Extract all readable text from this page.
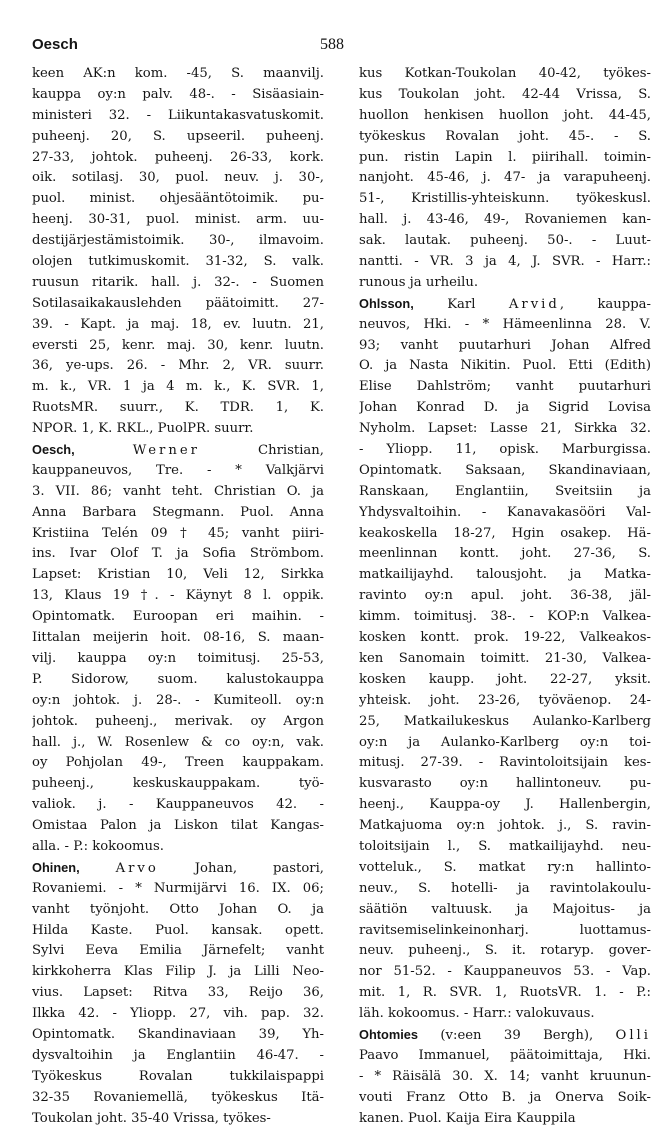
Oesch	588
keen AK:n kom. -45, S. maanvilj.
kauppa oy:n palv. 48-. - Sisäasiain-
ministeri 32. - Liikuntakasvatuskomit.
puheenj. 20, S. upseeril. puheenj.
27-33, johtok. puheenj. 26-33, kork.
oik. sotilasj. 30, puol. neuv. j. 30-,
puol. minist. ohjesääntötoimik. pu-
heenj. 30-31, puol. minist. arm. uu-
destijärjestämistoimik. 30-, ilmavoim.
olojen tutkimuskomit. 31-32, S. valk.
ruusun ritarik. hall. j. 32-. - Suomen
Sotilasaikakauslehden päätoimitt. 27-
39. - Kapt. ja maj. 18, ev. luutn. 21,
eversti 25, kenr. maj. 30, kenr. luutn.
36, ye-ups. 26. - Mhr. 2, VR. suurr.
m. k., VR. 1 ja 4 m. k., K. SVR. 1,
RuotsMR. suurr., K. TDR. 1, K.
NPOR. 1, K. RKL., PuolPR. suurr.
Oesch,	Werner Christian,
kauppaneuvos, Tre. - * Valkjärvi
3. VII. 86; vanht teht. Christian O. ja
Anna Barbara Stegmann. Puol. Anna
Kristiina Telén 09 † 45; vanht piiri-
ins. Ivar Olof T. ja Sofia Strömbom.
Lapset: Kristian 10, Veli 12, Sirkka
13, Klaus 19 †. - Käynyt 8 l. oppik.
Opintomatk. Euroopan eri maihin. -
Iittalan meijerin hoit. 08-16, S. maan-
vilj. kauppa oy:n toimitusj. 25-53,
P. Sidorow, suom. kalustokauppa
oy:n johtok. j. 28-. - Kumiteoll. oy:n
johtok. puheenj., merivak. oy Argon
hall. j., W. Rosenlew & co oy:n, vak.
oy Pohjolan 49-, Treen kauppakam.
puheenj., keskuskauppakam. työ-
valiok. j. - Kauppaneuvos 42. -
Omistaa Palon ja Liskon tilat Kangas-
alla. - P.: kokoomus.
Ohinen,	Arvo Johan, pastori,
Rovaniemi. - * Nurmijärvi 16. IX. 06;
vanht työnjoht. Otto Johan O. ja
Hilda Kaste. Puol. kansak. opett.
Sylvi Eeva Emilia Järnefelt; vanht
kirkkoherra Klas Filip J. ja Lilli Neo-
vius. Lapset: Ritva 33, Reijo 36,
Ilkka 42. - Yliopp. 27, vih. pap. 32.
Opintomatk. Skandinaviaan 39, Yh-
dysvaltoihin ja Englantiin 46-47. -
Työkeskus Rovalan tukkilaispappi
32-35 Rovaniemellä, työkeskus Itä-
Toukolan joht. 35-40 Vrissa, työkes-
kus Kotkan-Toukolan 40-42, työkes-
kus Toukolan joht. 42-44 Vrissa, S.
huollon henkisen huollon joht. 44-45,
työkeskus Rovalan joht. 45-. - S.
pun. ristin Lapin l. piirihall. toimin-
nanjoht. 45-46, j. 47- ja varapuheenj.
51-, Kristillis-yhteiskunn. työkeskusl.
hall. j. 43-46, 49-, Rovaniemen kan-
sak. lautak. puheenj. 50-. - Luut-
nantti. - VR. 3 ja 4, J. SVR. - Harr.:
runous ja urheilu.
Ohlsson, Karl Arvid, kauppa-
neuvos, Hki. - * Hämeenlinna 28. V.
93; vanht puutarhuri Johan Alfred
O. ja Nasta Nikitin. Puol. Etti (Edith)
Elise Dahlström; vanht puutarhuri
Johan Konrad D. ja Sigrid Lovisa
Nyholm. Lapset: Lasse 21, Sirkka 32.
- Yliopp. 11, opisk. Marburgissa.
Opintomatk. Saksaan, Skandinaviaan,
Ranskaan, Englantiin, Sveitsiin ja
Yhdysvaltoihin. - Kanavakasööri Val-
keakoskella 18-27, Hgin osakep. Hä-
meenlinnan kontt. joht. 27-36, S.
matkailijayhd. talousjoht. ja Matka-
ravinto oy:n apul. joht. 36-38, jäl-
kimm. toimitusj. 38-. - KOP:n Valkea-
kosken kontt. prok. 19-22, Valkeakos-
ken Sanomain toimitt. 21-30, Valkea-
kosken kaupp. joht. 22-27, yksit.
yhteisk. joht. 23-26, työväenop. 24-
25, Matkailukeskus Aulanko-Karlberg
oy:n ja Aulanko-Karlberg oy:n toi-
mitusj. 27-39. - Ravintoloitsijain kes-
kusvarasto oy:n hallintoneuv. pu-
heenj., Kauppa-oy J. Hallenbergin,
Matkajuoma oy:n johtok. j., S. ravin-
toloitsijain l., S. matkailijayhd. neu-
votteluk., S. matkat ry:n hallinto-
neuv., S. hotelli- ja ravintolakoulu-
säätiön valtuusk. ja Majoitus- ja
ravitsemiselinkeinonharj. luottamus-
neuv. puheenj., S. it. rotaryp. gover-
nor 51-52. - Kauppaneuvos 53. - Vap.
mit. 1, R. SVR. 1, RuotsVR. 1. - P.:
läh. kokoomus. - Harr.: valokuvaus.
Ohtomies (v:een 39 Bergh), Olli
Paavo Immanuel, päätoimittaja, Hki.
- * Räisälä 30. X. 14; vanht kruunun-
vouti Franz Otto B. ja Onerva Soik-
kanen. Puol. Kaija Eira Kauppila
